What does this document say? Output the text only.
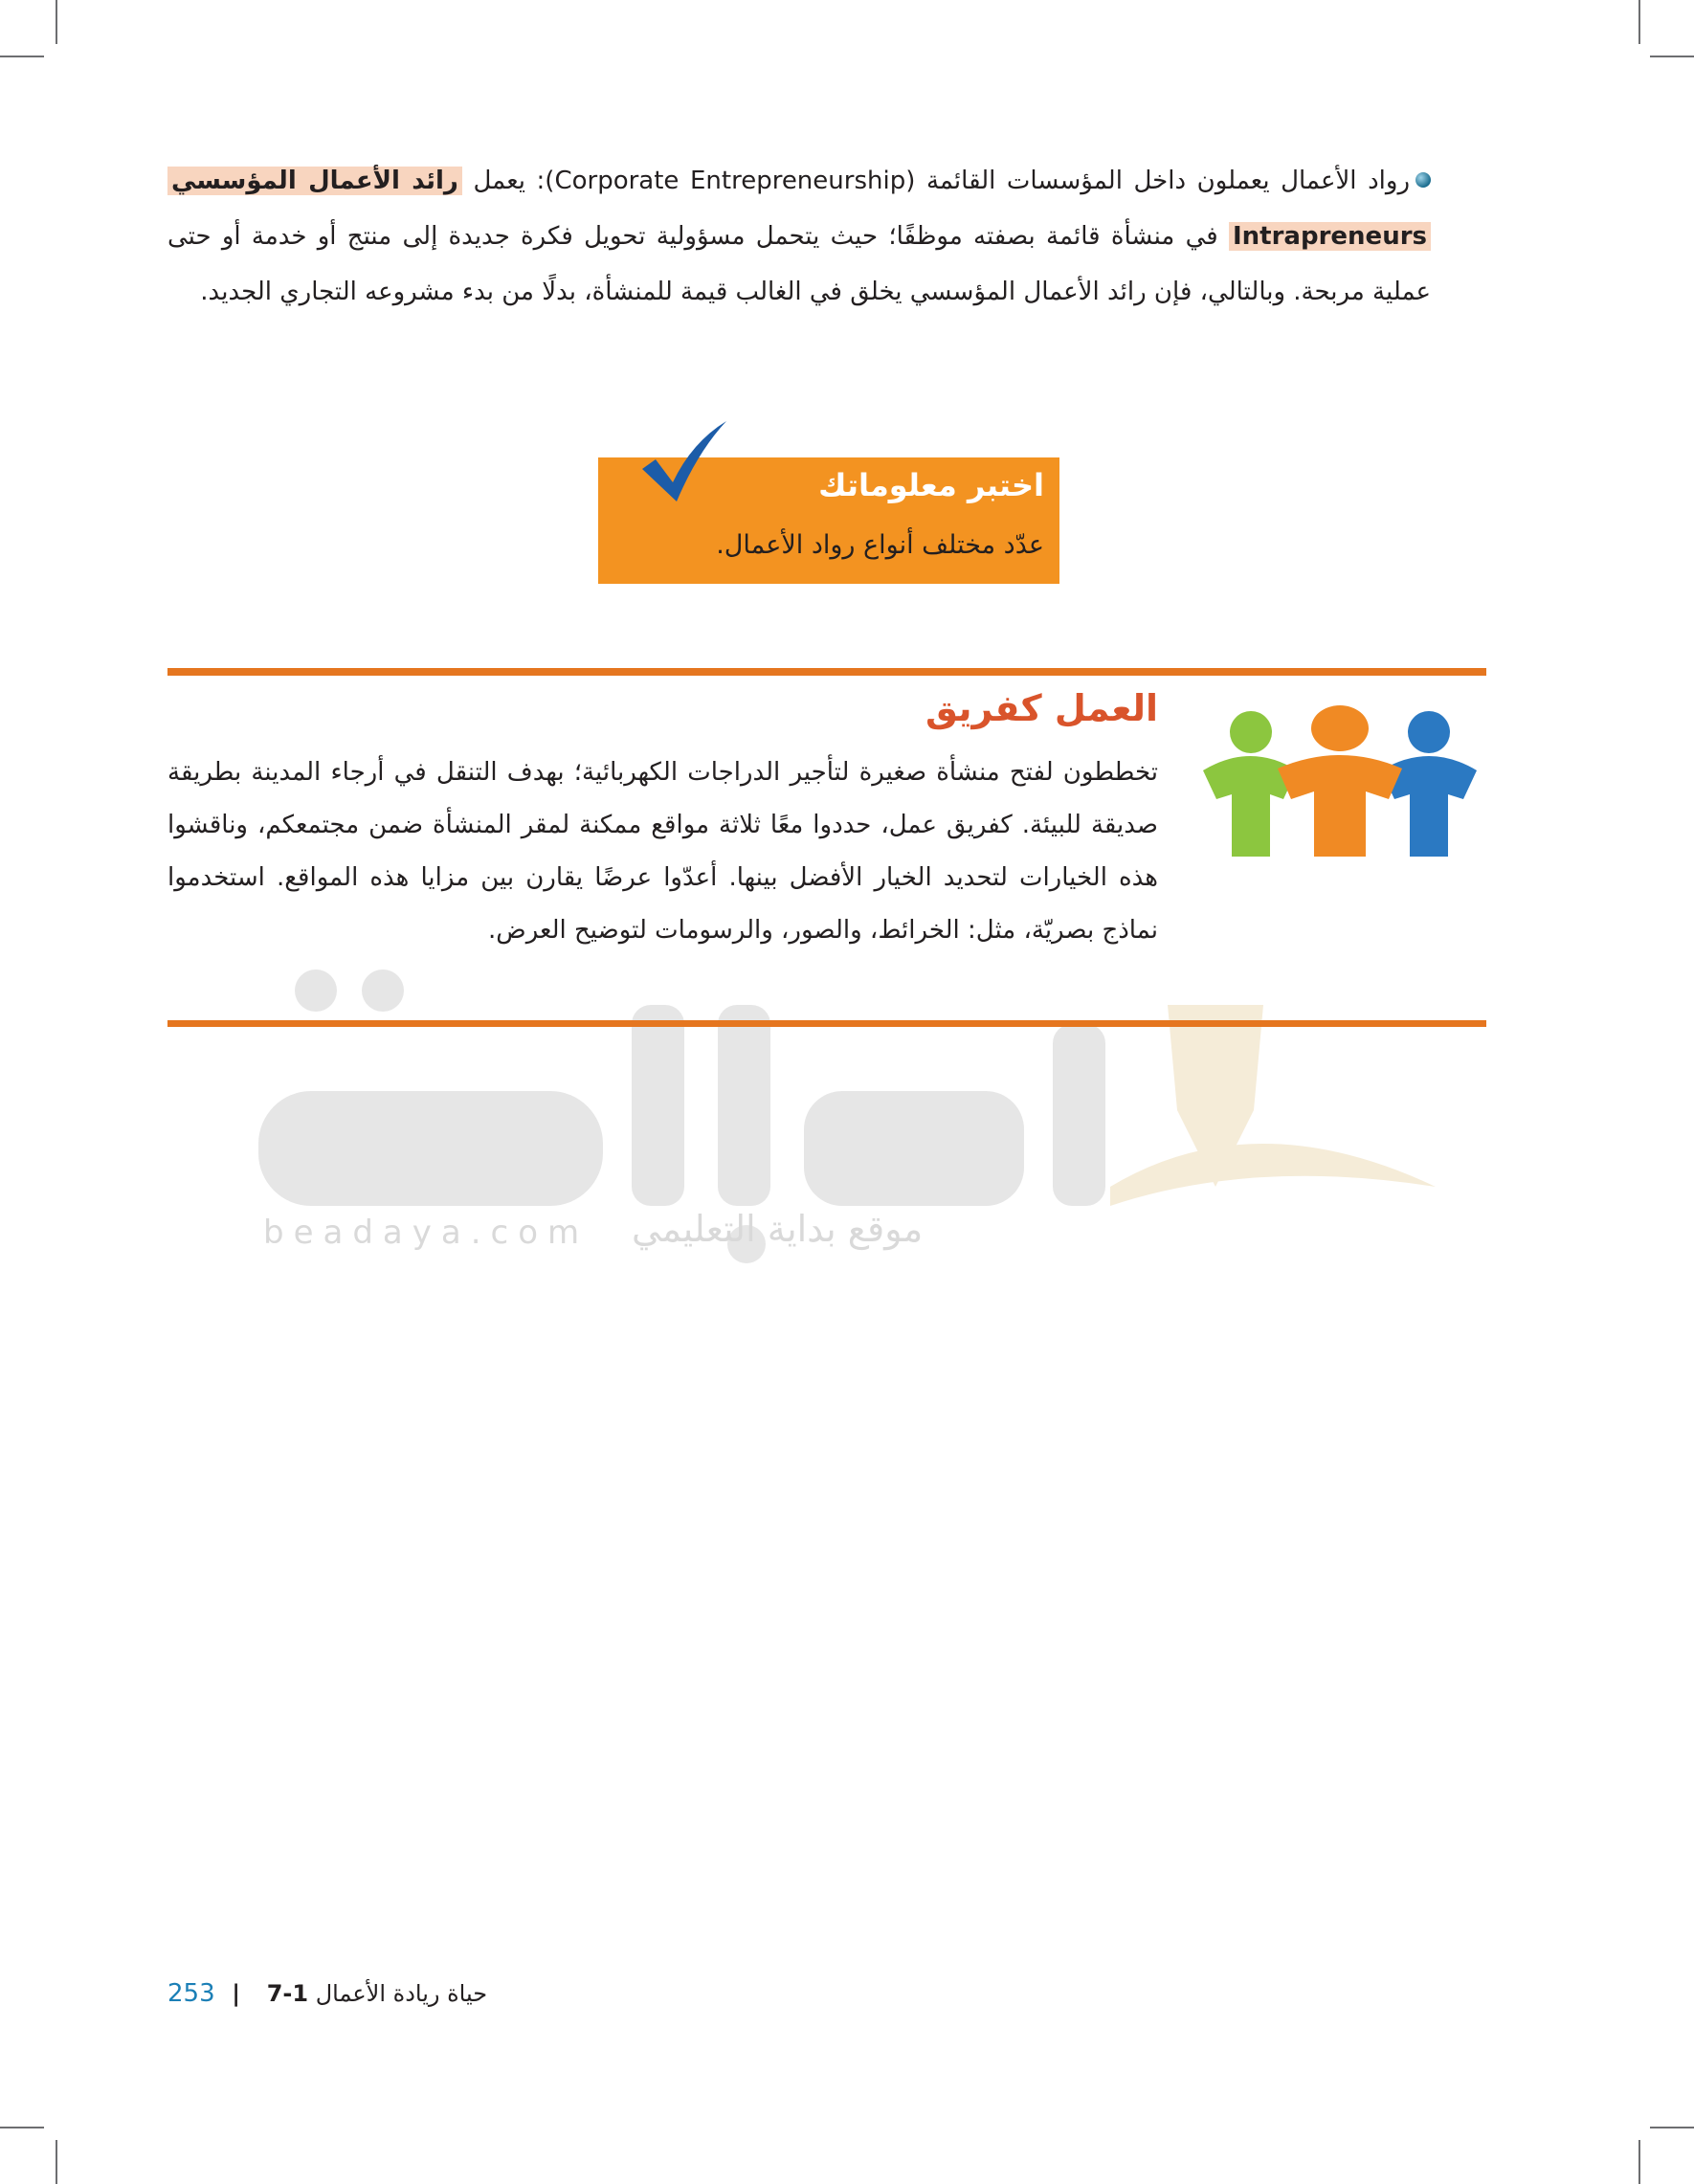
beadaya.com موقع بداية التعليمي
رواد الأعمال يعملون داخل المؤسسات القائمة (Corporate Entrepreneurship): يعمل رائد الأعمال المؤسسي Intrapreneurs في منشأة قائمة بصفته موظفًا؛ حيث يتحمل مسؤولية تحويل فكرة جديدة إلى منتج أو خدمة أو حتى عملية مربحة. وبالتالي، فإن رائد الأعمال المؤسسي يخلق في الغالب قيمة للمنشأة، بدلًا من بدء مشروعه التجاري الجديد.
اختبر معلوماتك
عدّد مختلف أنواع رواد الأعمال.
العمل كفريق
تخططون لفتح منشأة صغيرة لتأجير الدراجات الكهربائية؛ بهدف التنقل في أرجاء المدينة بطريقة صديقة للبيئة. كفريق عمل، حددوا معًا ثلاثة مواقع ممكنة لمقر المنشأة ضمن مجتمعكم، وناقشوا هذه الخيارات لتحديد الخيار الأفضل بينها. أعدّوا عرضًا يقارن بين مزايا هذه المواقع. استخدموا نماذج بصريّة، مثل: الخرائط، والصور، والرسومات لتوضيح العرض.
253 |	حياة ريادة الأعمال 1-7
